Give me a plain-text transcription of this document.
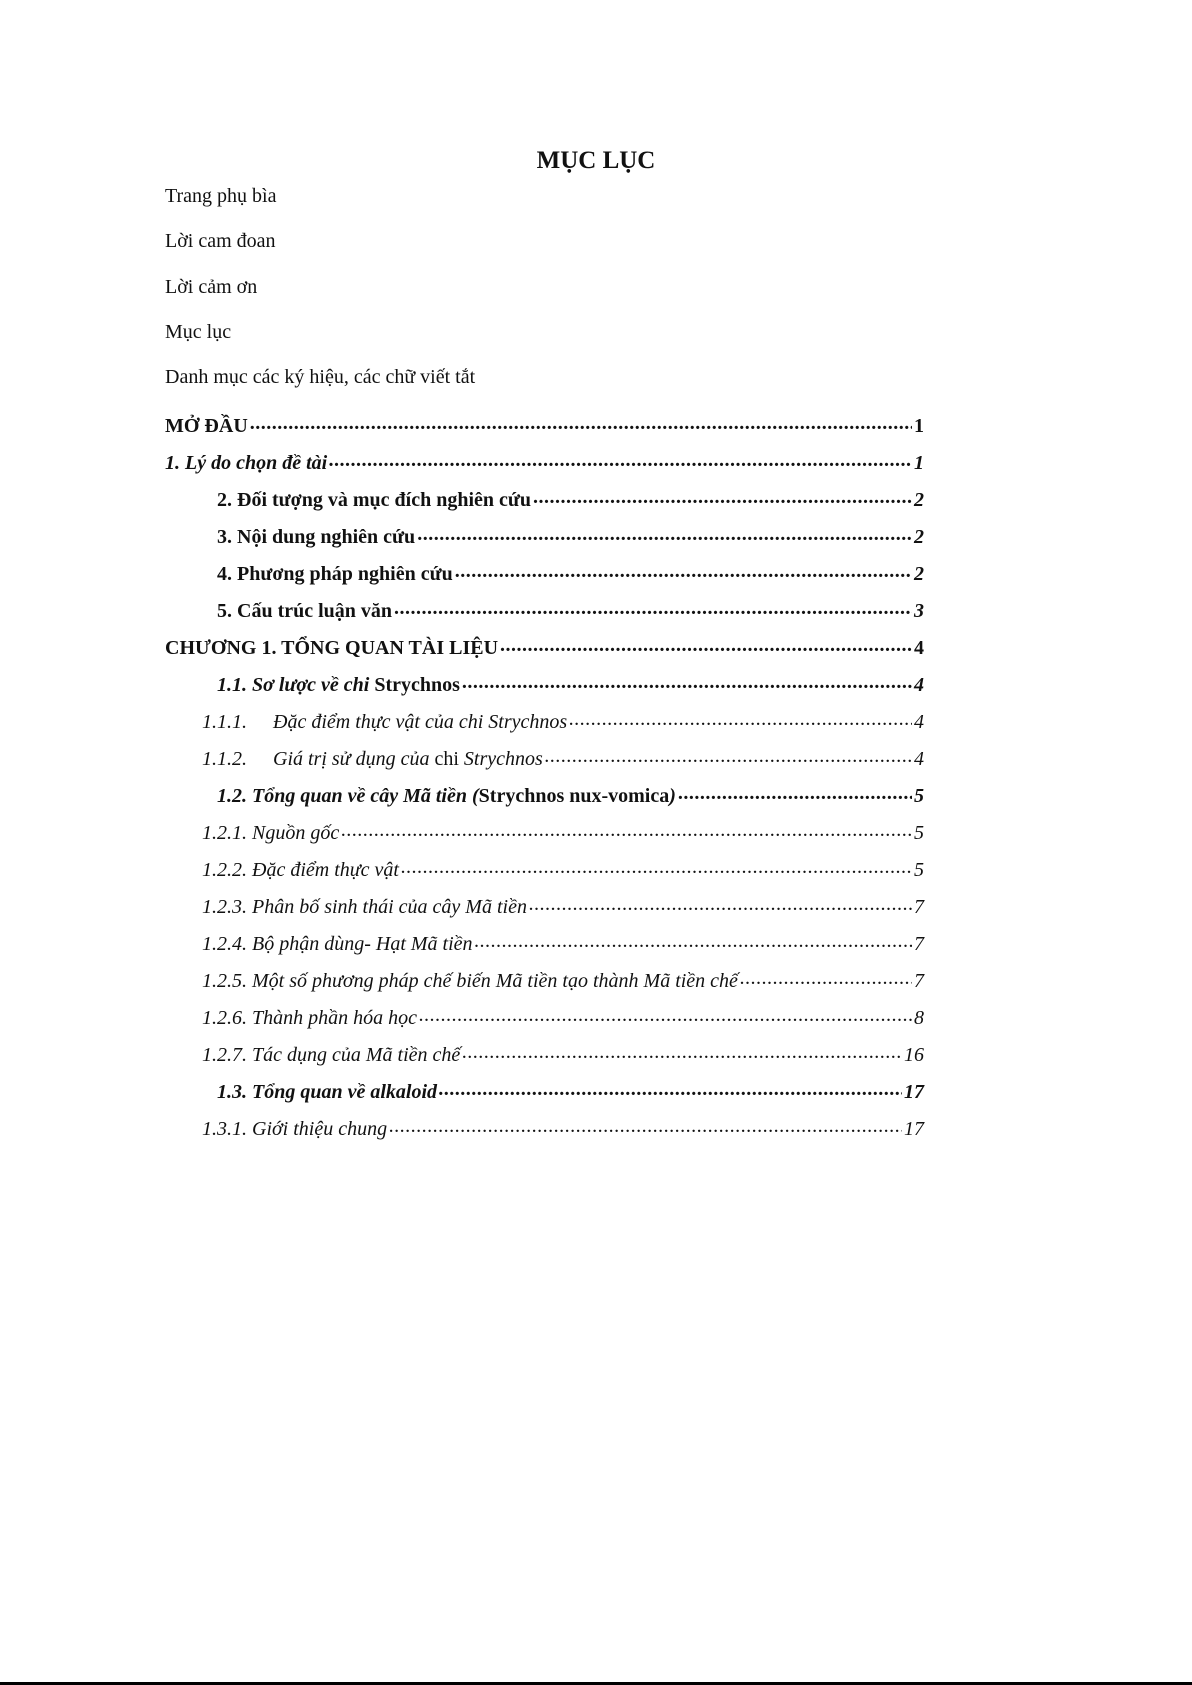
MỤC LỤC
Trang phụ bìa
Lời cam đoan
Lời cảm ơn
Mục lục
Danh mục các ký hiệu, các chữ viết tắt
MỞ ĐẦU .....	1
1. Lý do chọn đề tài .....	1
2. Đối tượng và mục đích nghiên cứu .....	2
3. Nội dung nghiên cứu .....	2
4. Phương pháp nghiên cứu .....	2
5. Cấu trúc luận văn .....	3
CHƯƠNG 1. TỔNG QUAN TÀI LIỆU .....	4
1.1. Sơ lược về chi Strychnos .....	4
1.1.1. Đặc điểm thực vật của chi Strychnos .....	4
1.1.2. Giá trị sử dụng của chi Strychnos .....	4
1.2. Tổng quan về cây Mã tiền (Strychnos nux-vomica) .....	5
1.2.1. Nguồn gốc .....	5
1.2.2. Đặc điểm thực vật .....	5
1.2.3. Phân bố sinh thái của cây Mã tiền .....	7
1.2.4. Bộ phận dùng- Hạt Mã tiền .....	7
1.2.5. Một số phương pháp chế biến Mã tiền tạo thành Mã tiền chế .....	7
1.2.6. Thành phần hóa học .....	8
1.2.7. Tác dụng của Mã tiền chế .....	16
1.3. Tổng quan về alkaloid .....	17
1.3.1. Giới thiệu chung .....	17
